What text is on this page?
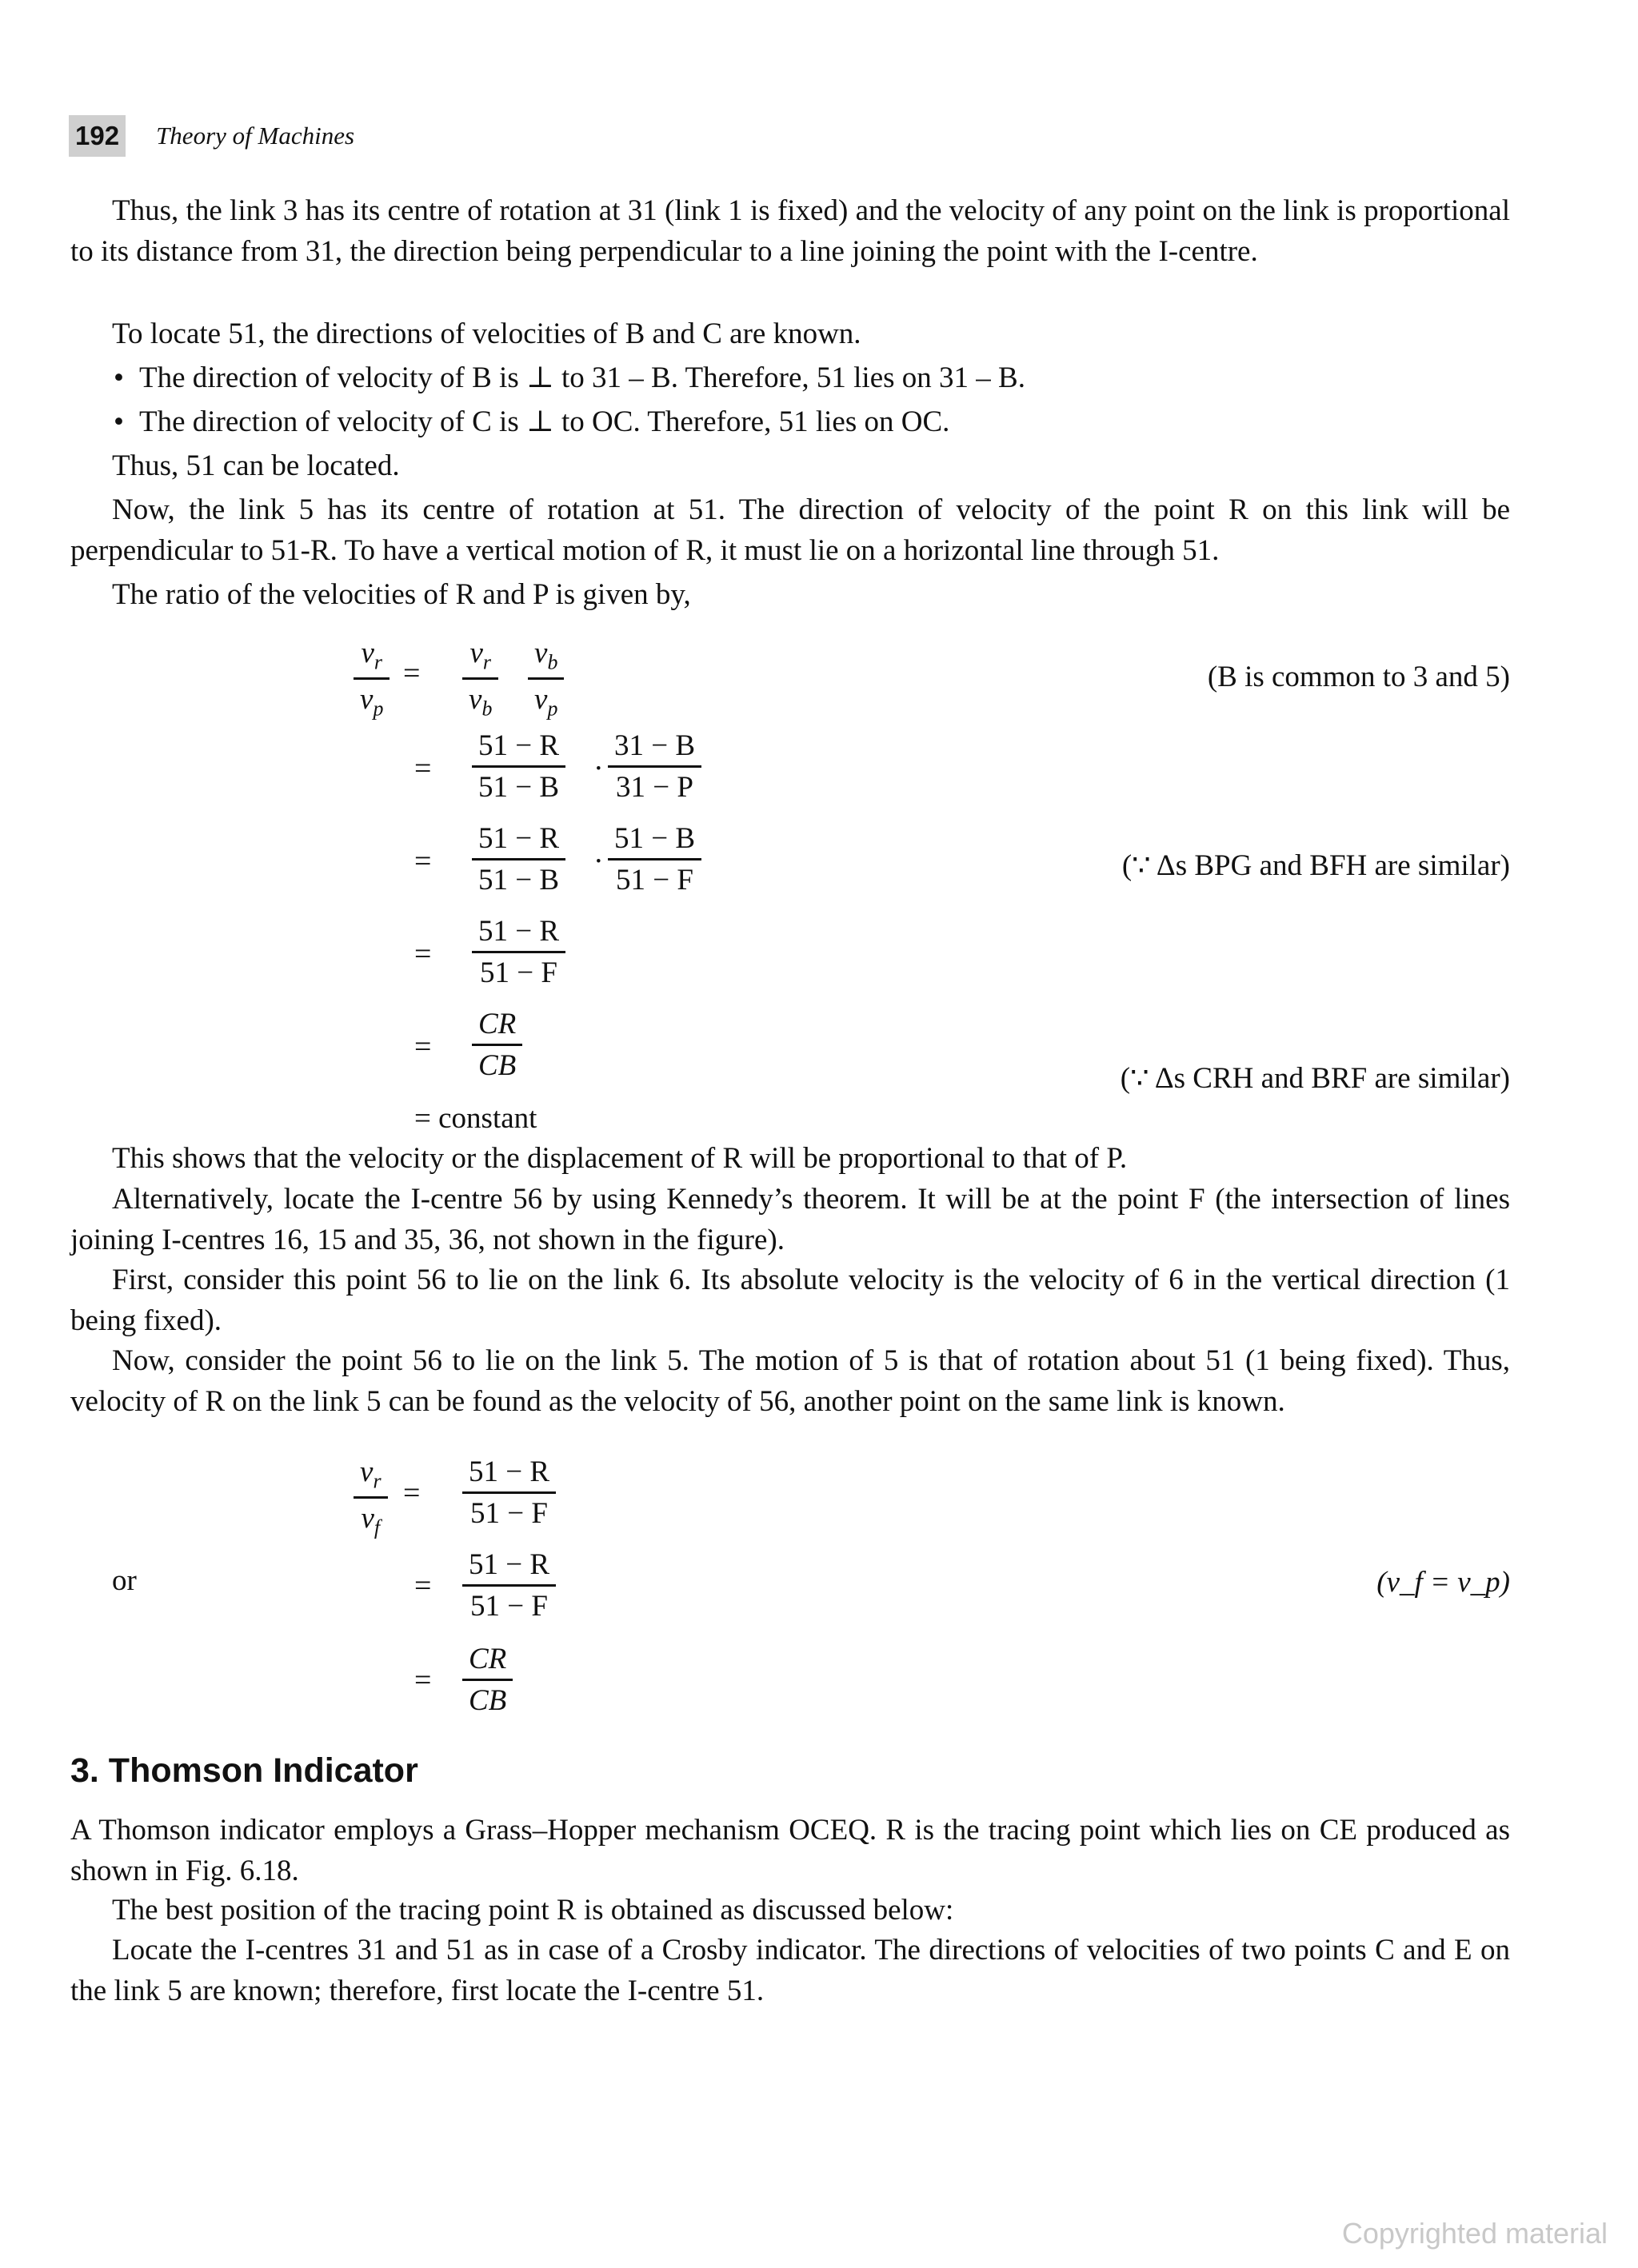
192 Theory of Machines

Thus, the link 3 has its centre of rotation at 31 (link 1 is fixed) and the velocity of any point on the link is proportional to its distance from 31, the direction being perpendicular to a line joining the point with the I-centre.

To locate 51, the directions of velocities of B and C are known.

• The direction of velocity of B is ⊥ to 31 – B. Therefore, 51 lies on 31 – B.
• The direction of velocity of C is ⊥ to OC. Therefore, 51 lies on OC.

Thus, 51 can be located.

Now, the link 5 has its centre of rotation at 51. The direction of velocity of the point R on this link will be perpendicular to 51-R. To have a vertical motion of R, it must lie on a horizontal line through 51.

The ratio of the velocities of R and P is given by,

$\frac{v_r}{v_p} = \frac{v_r}{v_b} \frac{v_b}{v_p}$	(B is common to 3 and 5)
= $\frac{51 - R}{51 - B} \cdot \frac{31 - B}{31 - P}$
= $\frac{51 - R}{51 - B} \cdot \frac{51 - B}{51 - F}$	(∵ Δs BPG and BFH are similar)
= $\frac{51 - R}{51 - F}$
= $\frac{CR}{CB}$	(∵ Δs CRH and BRF are similar)
= constant

This shows that the velocity or the displacement of R will be proportional to that of P.

Alternatively, locate the I-centre 56 by using Kennedy’s theorem. It will be at the point F (the intersection of lines joining I-centres 16, 15 and 35, 36, not shown in the figure).

First, consider this point 56 to lie on the link 6. Its absolute velocity is the velocity of 6 in the vertical direction (1 being fixed).

Now, consider the point 56 to lie on the link 5. The motion of 5 is that of rotation about 51 (1 being fixed). Thus, velocity of R on the link 5 can be found as the velocity of 56, another point on the same link is known.

$\frac{v_r}{v_f} = \frac{51 - R}{51 - F}$
or	= $\frac{51 - R}{51 - F}$	(v_f = v_p)
= $\frac{CR}{CB}$
3. Thomson Indicator

A Thomson indicator employs a Grass–Hopper mechanism OCEQ. R is the tracing point which lies on CE produced as shown in Fig. 6.18.

The best position of the tracing point R is obtained as discussed below:

Locate the I-centres 31 and 51 as in case of a Crosby indicator. The directions of velocities of two points C and E on the link 5 are known; therefore, first locate the I-centre 51.

Copyrighted material
